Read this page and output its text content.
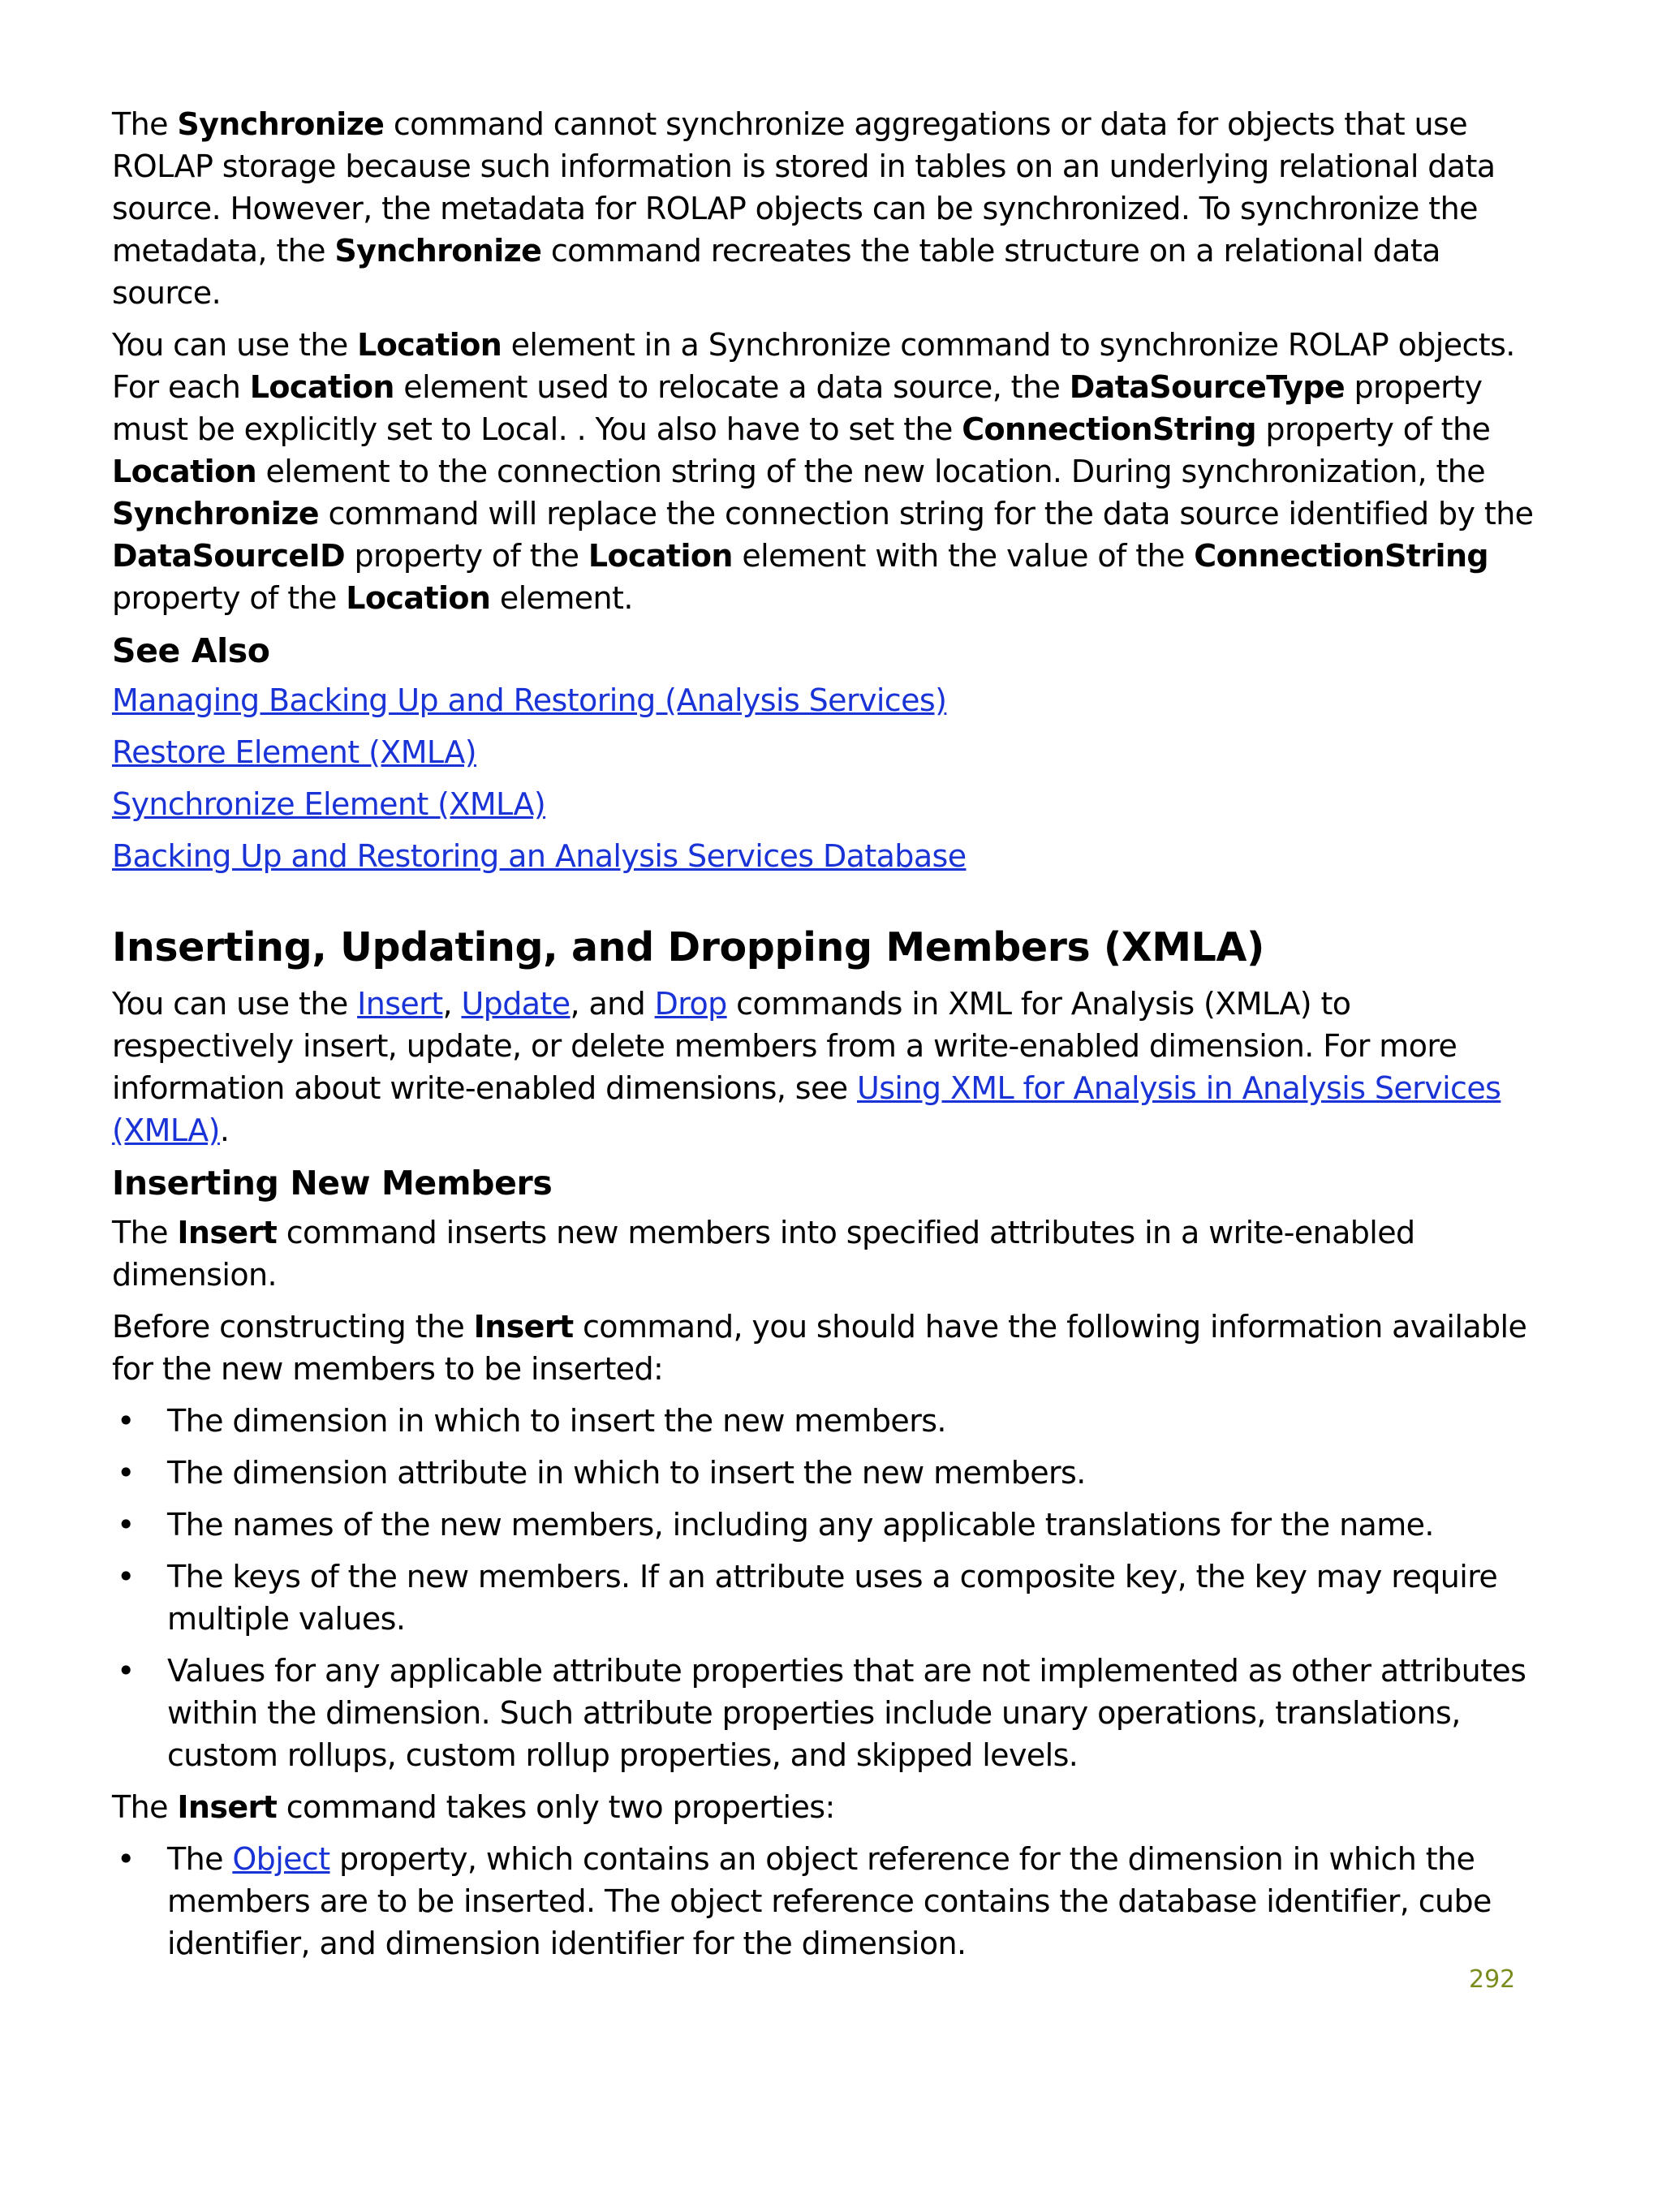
The Synchronize command cannot synchronize aggregations or data for objects that use ROLAP storage because such information is stored in tables on an underlying relational data source. However, the metadata for ROLAP objects can be synchronized. To synchronize the metadata, the Synchronize command recreates the table structure on a relational data source.

You can use the Location element in a Synchronize command to synchronize ROLAP objects. For each Location element used to relocate a data source, the DataSourceType property must be explicitly set to Local. . You also have to set the ConnectionString property of the Location element to the connection string of the new location. During synchronization, the Synchronize command will replace the connection string for the data source identified by the DataSourceID property of the Location element with the value of the ConnectionString property of the Location element.

See Also
Managing Backing Up and Restoring (Analysis Services)
Restore Element (XMLA)
Synchronize Element (XMLA)
Backing Up and Restoring an Analysis Services Database
Inserting, Updating, and Dropping Members (XMLA)

You can use the Insert, Update, and Drop commands in XML for Analysis (XMLA) to respectively insert, update, or delete members from a write-enabled dimension. For more information about write-enabled dimensions, see Using XML for Analysis in Analysis Services (XMLA).

Inserting New Members

The Insert command inserts new members into specified attributes in a write-enabled dimension.

Before constructing the Insert command, you should have the following information available for the new members to be inserted:

• The dimension in which to insert the new members.
• The dimension attribute in which to insert the new members.
• The names of the new members, including any applicable translations for the name.
• The keys of the new members. If an attribute uses a composite key, the key may require multiple values.
• Values for any applicable attribute properties that are not implemented as other attributes within the dimension. Such attribute properties include unary operations, translations, custom rollups, custom rollup properties, and skipped levels.

The Insert command takes only two properties:

• The Object property, which contains an object reference for the dimension in which the members are to be inserted. The object reference contains the database identifier, cube identifier, and dimension identifier for the dimension.
292
